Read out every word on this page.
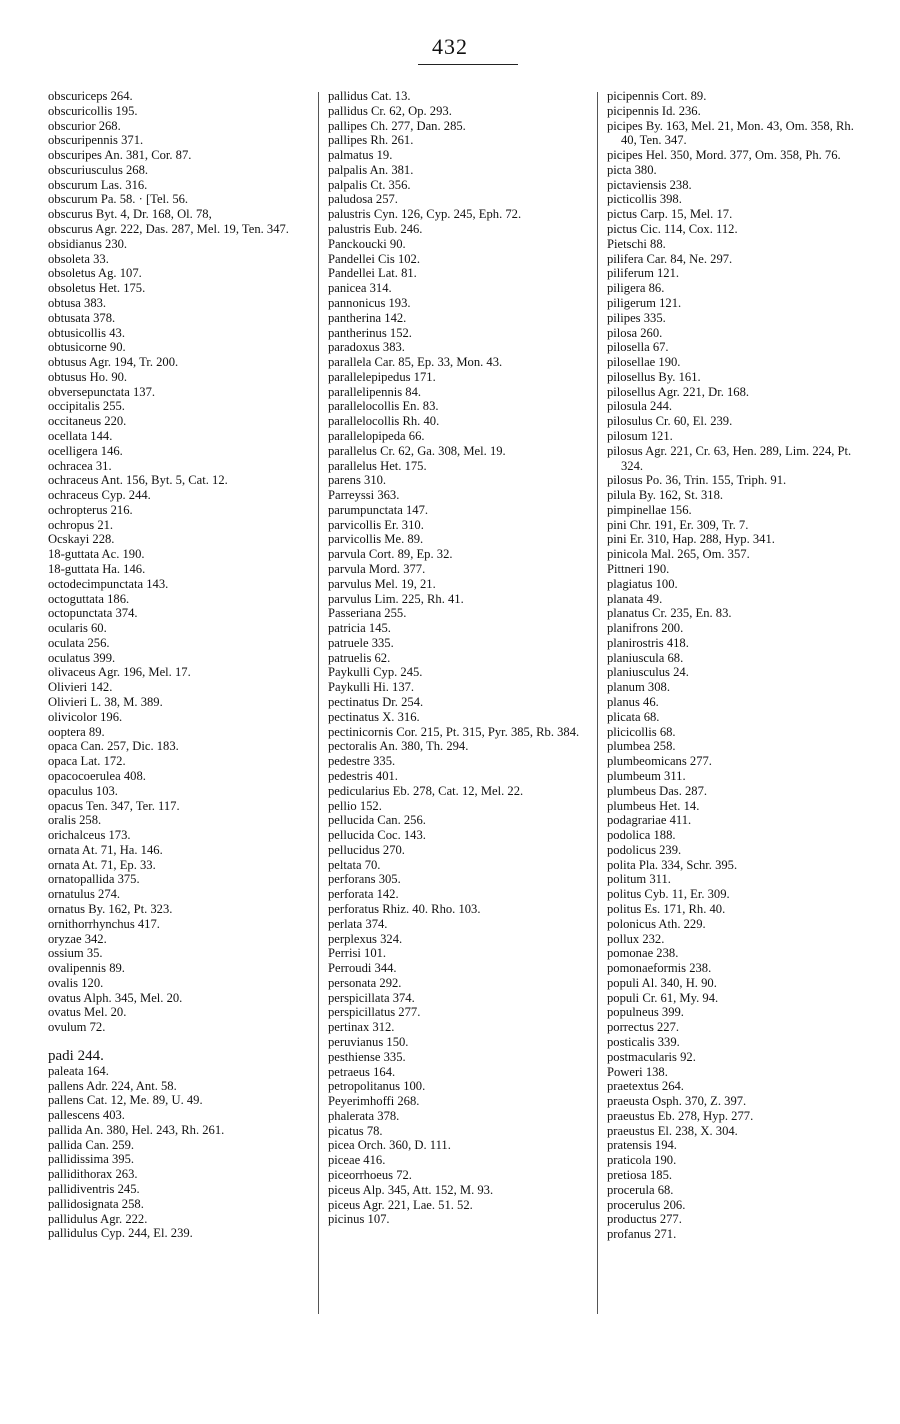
432
obscuriceps 264.
obscuricollis 195.
obscurior 268.
obscuripennis 371.
obscuripes An. 381, Cor. 87.
obscuriusculus 268.
obscurum Las. 316.
obscurum Pa. 58. · [Tel. 56.
obscurus Byt. 4, Dr. 168, Ol. 78,
obscurus Agr. 222, Das. 287, Mel. 19, Ten. 347.
obsidianus 230.
obsoleta 33.
obsoletus Ag. 107.
obsoletus Het. 175.
obtusa 383.
obtusata 378.
obtusicollis 43.
obtusicorne 90.
obtusus Agr. 194, Tr. 200.
obtusus Ho. 90.
obversepunctata 137.
occipitalis 255.
occitaneus 220.
ocellata 144.
ocelligera 146.
ochracea 31.
ochraceus Ant. 156, Byt. 5, Cat. 12.
ochraceus Cyp. 244.
ochropterus 216.
ochropus 21.
Ocskayi 228.
18-guttata Ac. 190.
18-guttata Ha. 146.
octodecimpunctata 143.
octoguttata 186.
octopunctata 374.
ocularis 60.
oculata 256.
oculatus 399.
olivaceus Agr. 196, Mel. 17.
Olivieri 142.
Olivieri L. 38, M. 389.
olivicolor 196.
ooptera 89.
opaca Can. 257, Dic. 183.
opaca Lat. 172.
opacocoerulea 408.
opaculus 103.
opacus Ten. 347, Ter. 117.
oralis 258.
orichalceus 173.
ornata At. 71, Ha. 146.
ornata At. 71, Ep. 33.
ornatopallida 375.
ornatulus 274.
ornatus By. 162, Pt. 323.
ornithorrhynchus 417.
oryzae 342.
ossium 35.
ovalipennis 89.
ovalis 120.
ovatus Alph. 345, Mel. 20.
ovatus Mel. 20.
ovulum 72.
padi 244.
paleata 164.
pallens Adr. 224, Ant. 58.
pallens Cat. 12, Me. 89, U. 49.
pallescens 403.
pallida An. 380, Hel. 243, Rh. 261.
pallida Can. 259.
pallidissima 395.
pallidithorax 263.
pallidiventris 245.
pallidosignata 258.
pallidulus Agr. 222.
pallidulus Cyp. 244, El. 239.
pallidus Cat. 13.
pallidus Cr. 62, Op. 293.
pallipes Ch. 277, Dan. 285.
pallipes Rh. 261.
palmatus 19.
palpalis An. 381.
palpalis Ct. 356.
paludosa 257.
palustris Cyn. 126, Cyp. 245, Eph. 72.
palustris Eub. 246.
Panckoucki 90.
Pandellei Cis 102.
Pandellei Lat. 81.
panicea 314.
pannonicus 193.
pantherina 142.
pantherinus 152.
paradoxus 383.
parallela Car. 85, Ep. 33, Mon. 43.
parallelepipedus 171.
parallelipennis 84.
parallelocollis En. 83.
parallelocollis Rh. 40.
parallelopipeda 66.
parallelus Cr. 62, Ga. 308, Mel. 19.
parallelus Het. 175.
parens 310.
Parreyssi 363.
parumpunctata 147.
parvicollis Er. 310.
parvicollis Me. 89.
parvula Cort. 89, Ep. 32.
parvula Mord. 377.
parvulus Mel. 19, 21.
parvulus Lim. 225, Rh. 41.
Passeriana 255.
patricia 145.
patruele 335.
patruelis 62.
Paykulli Cyp. 245.
Paykulli Hi. 137.
pectinatus Dr. 254.
pectinatus X. 316.
pectinicornis Cor. 215, Pt. 315, Pyr. 385, Rb. 384.
pectoralis An. 380, Th. 294.
pedestre 335.
pedestris 401.
pedicularius Eb. 278, Cat. 12, Mel. 22.
pellio 152.
pellucida Can. 256.
pellucida Coc. 143.
pellucidus 270.
peltata 70.
perforans 305.
perforata 142.
perforatus Rhiz. 40. Rho. 103.
perlata 374.
perplexus 324.
Perrisi 101.
Perroudi 344.
personata 292.
perspicillata 374.
perspicillatus 277.
pertinax 312.
peruvianus 150.
pesthiense 335.
petraeus 164.
petropolitanus 100.
Peyerimhoffi 268.
phalerata 378.
picatus 78.
picea Orch. 360, D. 111.
piceae 416.
piceorrhoeus 72.
piceus Alp. 345, Att. 152, M. 93.
piceus Agr. 221, Lae. 51. 52.
picinus 107.
picipennis Cort. 89.
picipennis Id. 236.
picipes By. 163, Mel. 21, Mon. 43, Om. 358, Rh. 40, Ten. 347.
picipes Hel. 350, Mord. 377, Om. 358, Ph. 76.
picta 380.
pictaviensis 238.
picticollis 398.
pictus Carp. 15, Mel. 17.
pictus Cic. 114, Cox. 112.
Pietschi 88.
pilifera Car. 84, Ne. 297.
piliferum 121.
piligera 86.
piligerum 121.
pilipes 335.
pilosa 260.
pilosella 67.
pilosellae 190.
pilosellus By. 161.
pilosellus Agr. 221, Dr. 168.
pilosula 244.
pilosulus Cr. 60, El. 239.
pilosum 121.
pilosus Agr. 221, Cr. 63, Hen. 289, Lim. 224, Pt. 324.
pilosus Po. 36, Trin. 155, Triph. 91.
pilula By. 162, St. 318.
pimpinellae 156.
pini Chr. 191, Er. 309, Tr. 7.
pini Er. 310, Hap. 288, Hyp. 341.
pinicola Mal. 265, Om. 357.
Pittneri 190.
plagiatus 100.
planata 49.
planatus Cr. 235, En. 83.
planifrons 200.
planirostris 418.
planiuscula 68.
planiusculus 24.
planum 308.
planus 46.
plicata 68.
plicicollis 68.
plumbea 258.
plumbeomicans 277.
plumbeum 311.
plumbeus Das. 287.
plumbeus Het. 14.
podagrariae 411.
podolica 188.
podolicus 239.
polita Pla. 334, Schr. 395.
politum 311.
politus Cyb. 11, Er. 309.
politus Es. 171, Rh. 40.
polonicus Ath. 229.
pollux 232.
pomonae 238.
pomonaeformis 238.
populi Al. 340, H. 90.
populi Cr. 61, My. 94.
populneus 399.
porrectus 227.
posticalis 339.
postmacularis 92.
Poweri 138.
praetextus 264.
praeusta Osph. 370, Z. 397.
praeustus Eb. 278, Hyp. 277.
praeustus El. 238, X. 304.
pratensis 194.
praticola 190.
pretiosa 185.
procerula 68.
procerulus 206.
productus 277.
profanus 271.
